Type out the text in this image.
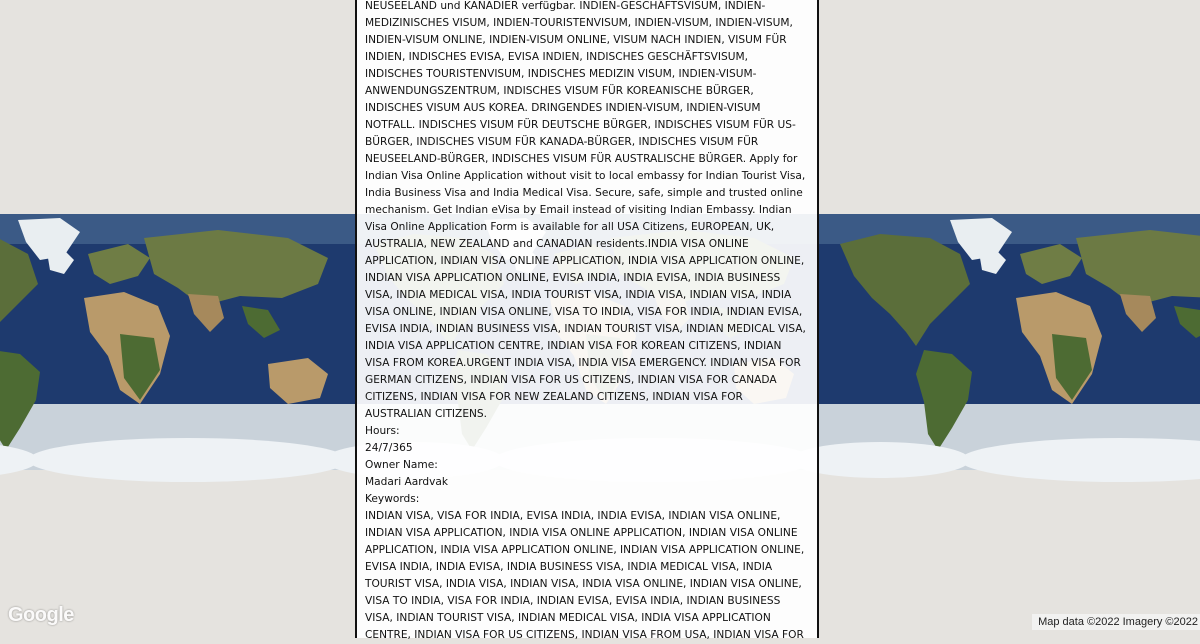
Google	Map data ©2022 Imagery ©2022
NEUSEELAND und KANADIER verfügbar. INDIEN-GESCHÄFTSVISUM, INDIEN-MEDIZINISCHES VISUM, INDIEN-TOURISTENVISUM, INDIEN-VISUM, INDIEN-VISUM, INDIEN-VISUM ONLINE, INDIEN-VISUM ONLINE, VISUM NACH INDIEN, VISUM FÜR INDIEN, INDISCHES EVISA, EVISA INDIEN, INDISCHES GESCHÄFTSVISUM, INDISCHES TOURISTENVISUM, INDISCHES MEDIZIN VISUM, INDIEN-VISUM-ANWENDUNGSZENTRUM, INDISCHES VISUM FÜR KOREANISCHE BÜRGER, INDISCHES VISUM AUS KOREA. DRINGENDES INDIEN-VISUM, INDIEN-VISUM NOTFALL. INDISCHES VISUM FÜR DEUTSCHE BÜRGER, INDISCHES VISUM FÜR US-BÜRGER, INDISCHES VISUM FÜR KANADA-BÜRGER, INDISCHES VISUM FÜR NEUSEELAND-BÜRGER, INDISCHES VISUM FÜR AUSTRALISCHE BÜRGER. Apply for Indian Visa Online Application without visit to local embassy for Indian Tourist Visa, India Business Visa and India Medical Visa. Secure, safe, simple and trusted online mechanism. Get Indian eVisa by Email instead of visiting Indian Embassy. Indian Visa Online Application Form is available for all USA Citizens, EUROPEAN, UK, AUSTRALIA, NEW ZEALAND and CANADIAN residents.INDIA VISA ONLINE APPLICATION, INDIAN VISA ONLINE APPLICATION, INDIA VISA APPLICATION ONLINE, INDIAN VISA APPLICATION ONLINE, EVISA INDIA, INDIA EVISA, INDIA BUSINESS VISA, INDIA MEDICAL VISA, INDIA TOURIST VISA, INDIA VISA, INDIAN VISA, INDIA VISA ONLINE, INDIAN VISA ONLINE, VISA TO INDIA, VISA FOR INDIA, INDIAN EVISA, EVISA INDIA, INDIAN BUSINESS VISA, INDIAN TOURIST VISA, INDIAN MEDICAL VISA, INDIA VISA APPLICATION CENTRE, INDIAN VISA FOR KOREAN CITIZENS, INDIAN VISA FROM KOREA.URGENT INDIA VISA, INDIA VISA EMERGENCY. INDIAN VISA FOR GERMAN CITIZENS, INDIAN VISA FOR US CITIZENS, INDIAN VISA FOR CANADA CITIZENS, INDIAN VISA FOR NEW ZEALAND CITIZENS, INDIAN VISA FOR AUSTRALIAN CITIZENS.
Hours:
24/7/365
Owner Name:
Madari Aardvak
Keywords:
INDIAN VISA, VISA FOR INDIA, EVISA INDIA, INDIA EVISA, INDIAN VISA ONLINE, INDIAN VISA APPLICATION, INDIA VISA ONLINE APPLICATION, INDIAN VISA ONLINE APPLICATION, INDIA VISA APPLICATION ONLINE, INDIAN VISA APPLICATION ONLINE, EVISA INDIA, INDIA EVISA, INDIA BUSINESS VISA, INDIA MEDICAL VISA, INDIA TOURIST VISA, INDIA VISA, INDIAN VISA, INDIA VISA ONLINE, INDIAN VISA ONLINE, VISA TO INDIA, VISA FOR INDIA, INDIAN EVISA, EVISA INDIA, INDIAN BUSINESS VISA, INDIAN TOURIST VISA, INDIAN MEDICAL VISA, INDIA VISA APPLICATION CENTRE, INDIAN VISA FOR US CITIZENS, INDIAN VISA FROM USA, INDIAN VISA FOR
